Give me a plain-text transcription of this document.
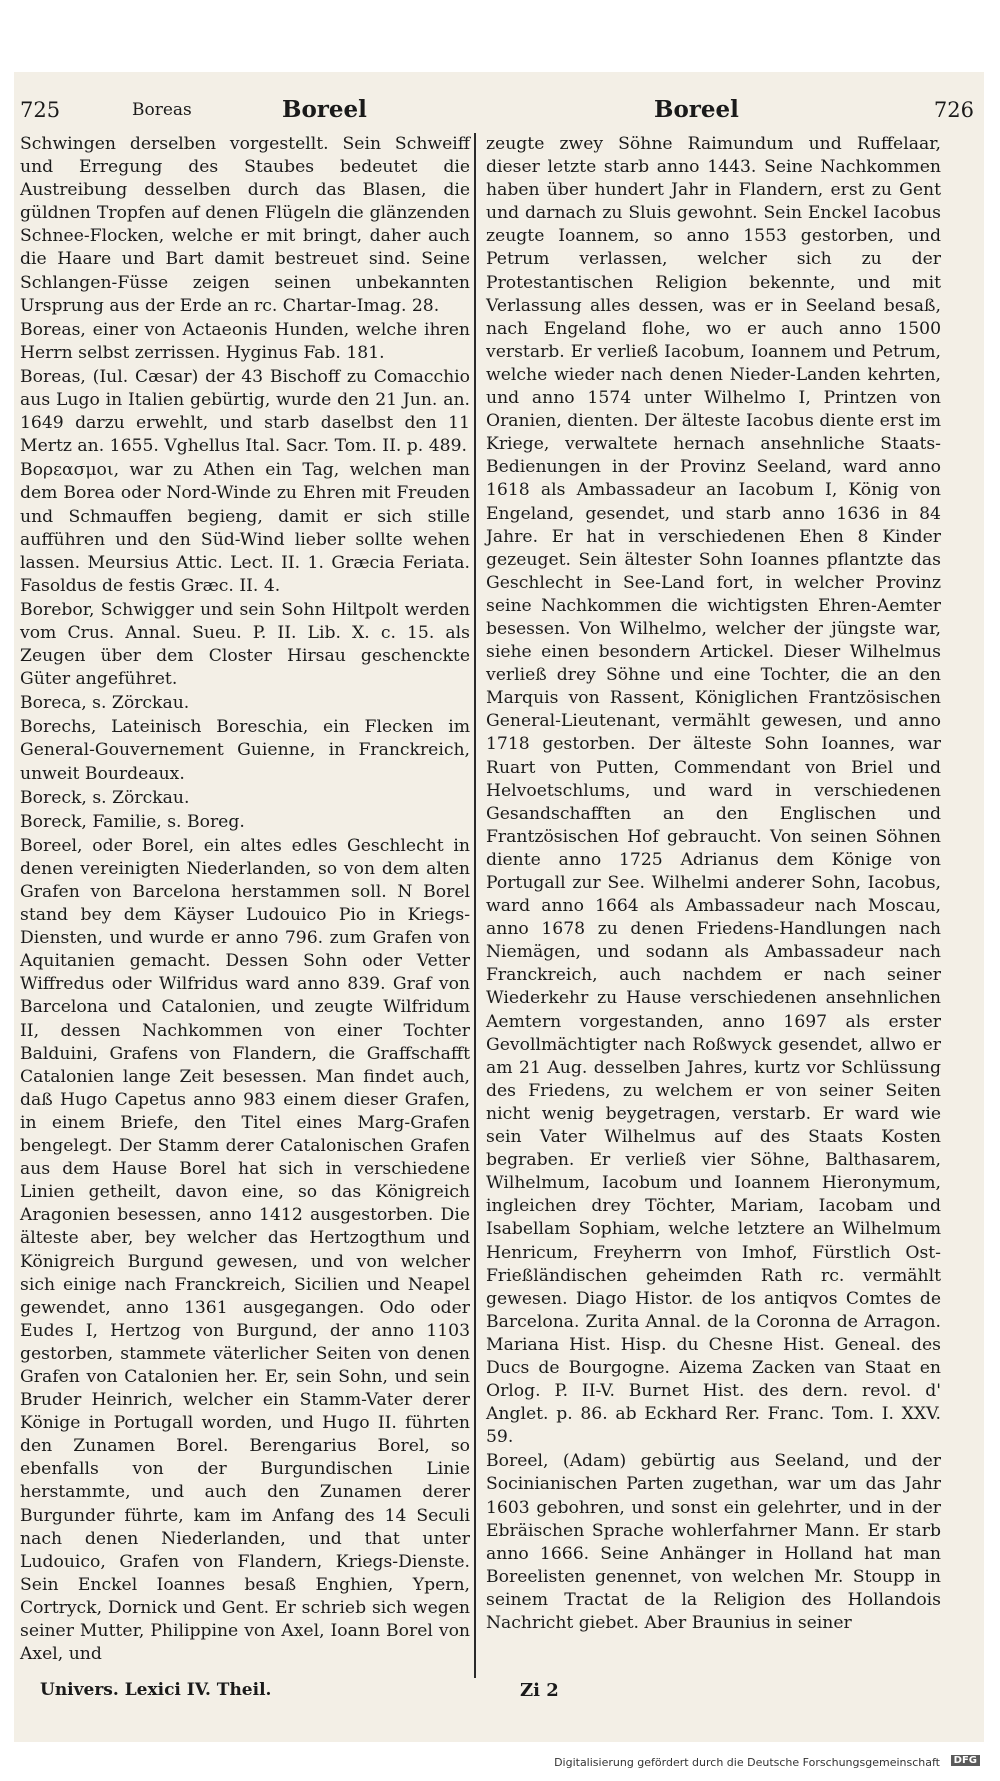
725	Boreas	Boreel	Boreel	726

Schwingen derselben vorgestellt. Sein Schweiff und Erregung des Staubes bedeutet die Austreibung desselben durch das Blasen, die güldnen Tropfen auf denen Flügeln die glänzenden Schnee-Flocken, welche er mit bringt, daher auch die Haare und Bart damit bestreuet sind. Seine Schlangen-Füsse zeigen seinen unbekannten Ursprung aus der Erde an rc. Chartar-Imag. 28.

Boreas, einer von Actaeonis Hunden, welche ihren Herrn selbst zerrissen. Hyginus Fab. 181.

Boreas, (Iul. Cæsar) der 43 Bischoff zu Comacchio aus Lugo in Italien gebürtig, wurde den 21 Jun. an. 1649 darzu erwehlt, und starb daselbst den 11 Mertz an. 1655. Vghellus Ital. Sacr. Tom. II. p. 489.

Βορεασμοι, war zu Athen ein Tag, welchen man dem Borea oder Nord-Winde zu Ehren mit Freuden und Schmauffen begieng, damit er sich stille aufführen und den Süd-Wind lieber sollte wehen lassen. Meursius Attic. Lect. II. 1. Græcia Feriata. Fasoldus de festis Græc. II. 4.

Borebor, Schwigger und sein Sohn Hiltpolt werden vom Crus. Annal. Sueu. P. II. Lib. X. c. 15. als Zeugen über dem Closter Hirsau geschenckte Güter angeführet.

Boreca, s. Zörckau.

Borechs, Lateinisch Boreschia, ein Flecken im General-Gouvernement Guienne, in Franckreich, unweit Bourdeaux.

Boreck, s. Zörckau.

Boreck, Familie, s. Boreg.

Boreel, oder Borel, ein altes edles Geschlecht in denen vereinigten Niederlanden, so von dem alten Grafen von Barcelona herstammen soll. N Borel stand bey dem Käyser Ludouico Pio in Kriegs-Diensten, und wurde er anno 796. zum Grafen von Aquitanien gemacht. Dessen Sohn oder Vetter Wiffredus oder Wilfridus ward anno 839. Graf von Barcelona und Catalonien, und zeugte Wilfridum II, dessen Nachkommen von einer Tochter Balduini, Grafens von Flandern, die Graffschafft Catalonien lange Zeit besessen. Man findet auch, daß Hugo Capetus anno 983 einem dieser Grafen, in einem Briefe, den Titel eines Marg-Grafen bengelegt. Der Stamm derer Catalonischen Grafen aus dem Hause Borel hat sich in verschiedene Linien getheilt, davon eine, so das Königreich Aragonien besessen, anno 1412 ausgestorben. Die älteste aber, bey welcher das Hertzogthum und Königreich Burgund gewesen, und von welcher sich einige nach Franckreich, Sicilien und Neapel gewendet, anno 1361 ausgegangen. Odo oder Eudes I, Hertzog von Burgund, der anno 1103 gestorben, stammete väterlicher Seiten von denen Grafen von Catalonien her. Er, sein Sohn, und sein Bruder Heinrich, welcher ein Stamm-Vater derer Könige in Portugall worden, und Hugo II. führten den Zunamen Borel. Berengarius Borel, so ebenfalls von der Burgundischen Linie herstammte, und auch den Zunamen derer Burgunder führte, kam im Anfang des 14 Seculi nach denen Niederlanden, und that unter Ludouico, Grafen von Flandern, Kriegs-Dienste. Sein Enckel Ioannes besaß Enghien, Ypern, Cortryck, Dornick und Gent. Er schrieb sich wegen seiner Mutter, Philippine von Axel, Ioann Borel von Axel, und

zeugte zwey Söhne Raimundum und Ruffelaar, dieser letzte starb anno 1443. Seine Nachkommen haben über hundert Jahr in Flandern, erst zu Gent und darnach zu Sluis gewohnt. Sein Enckel Iacobus zeugte Ioannem, so anno 1553 gestorben, und Petrum verlassen, welcher sich zu der Protestantischen Religion bekennte, und mit Verlassung alles dessen, was er in Seeland besaß, nach Engeland flohe, wo er auch anno 1500 verstarb. Er verließ Iacobum, Ioannem und Petrum, welche wieder nach denen Nieder-Landen kehrten, und anno 1574 unter Wilhelmo I, Printzen von Oranien, dienten. Der älteste Iacobus diente erst im Kriege, verwaltete hernach ansehnliche Staats-Bedienungen in der Provinz Seeland, ward anno 1618 als Ambassadeur an Iacobum I, König von Engeland, gesendet, und starb anno 1636 in 84 Jahre. Er hat in verschiedenen Ehen 8 Kinder gezeuget. Sein ältester Sohn Ioannes pflantzte das Geschlecht in See-Land fort, in welcher Provinz seine Nachkommen die wichtigsten Ehren-Aemter besessen. Von Wilhelmo, welcher der jüngste war, siehe einen besondern Artickel. Dieser Wilhelmus verließ drey Söhne und eine Tochter, die an den Marquis von Rassent, Königlichen Frantzösischen General-Lieutenant, vermählt gewesen, und anno 1718 gestorben. Der älteste Sohn Ioannes, war Ruart von Putten, Commendant von Briel und Helvoetschlums, und ward in verschiedenen Gesandschafften an den Englischen und Frantzösischen Hof gebraucht. Von seinen Söhnen diente anno 1725 Adrianus dem Könige von Portugall zur See. Wilhelmi anderer Sohn, Iacobus, ward anno 1664 als Ambassadeur nach Moscau, anno 1678 zu denen Friedens-Handlungen nach Niemägen, und sodann als Ambassadeur nach Franckreich, auch nachdem er nach seiner Wiederkehr zu Hause verschiedenen ansehnlichen Aemtern vorgestanden, anno 1697 als erster Gevollmächtigter nach Roßwyck gesendet, allwo er am 21 Aug. desselben Jahres, kurtz vor Schlüssung des Friedens, zu welchem er von seiner Seiten nicht wenig beygetragen, verstarb. Er ward wie sein Vater Wilhelmus auf des Staats Kosten begraben. Er verließ vier Söhne, Balthasarem, Wilhelmum, Iacobum und Ioannem Hieronymum, ingleichen drey Töchter, Mariam, Iacobam und Isabellam Sophiam, welche letztere an Wilhelmum Henricum, Freyherrn von Imhof, Fürstlich Ost-Frießländischen geheimden Rath rc. vermählt gewesen. Diago Histor. de los antiqvos Comtes de Barcelona. Zurita Annal. de la Coronna de Arragon. Mariana Hist. Hisp. du Chesne Hist. Geneal. des Ducs de Bourgogne. Aizema Zacken van Staat en Orlog. P. II-V. Burnet Hist. des dern. revol. d' Anglet. p. 86. ab Eckhard Rer. Franc. Tom. I. XXV. 59.

Boreel, (Adam) gebürtig aus Seeland, und der Socinianischen Parten zugethan, war um das Jahr 1603 gebohren, und sonst ein gelehrter, und in der Ebräischen Sprache wohlerfahrner Mann. Er starb anno 1666. Seine Anhänger in Holland hat man Boreelisten genennet, von welchen Mr. Stoupp in seinem Tractat de la Religion des Hollandois Nachricht giebet. Aber Braunius in seiner

Univers. Lexici IV. Theil.	Zi 2
Digitalisierung gefördert durch die Deutsche Forschungsgemeinschaft	DFG
